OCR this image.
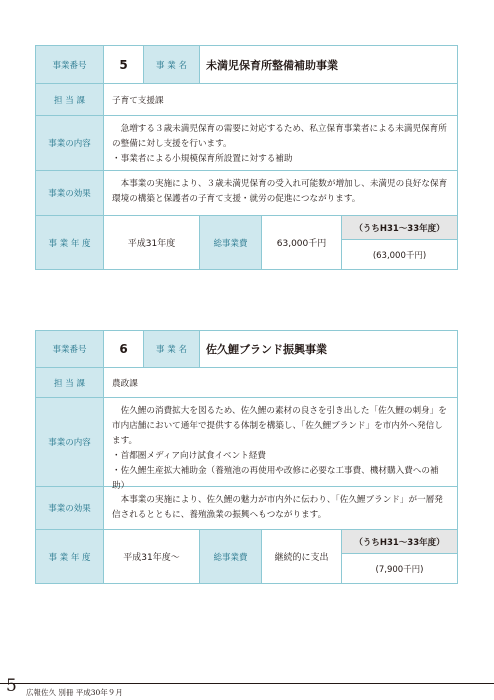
事業番号	5	事 業 名	未満児保育所整備補助事業
担 当 課	子育て支援課
事業の内容

急増する３歳未満児保育の需要に対応するため、私立保育事業者による未満児保育所の整備に対し支援を行います。

・事業者による小規模保育所設置に対する補助

事業の効果

本事業の実施により、３歳未満児保育の受入れ可能数が増加し、未満児の良好な保育環境の構築と保護者の子育て支援・就労の促進につながります。

事 業 年 度	平成31年度	総事業費	63,000千円
（うちH31～33年度）
(63,000千円)
事業番号	6	事 業 名	佐久鯉ブランド振興事業
担 当 課	農政課
事業の内容

佐久鯉の消費拡大を図るため、佐久鯉の素材の良さを引き出した「佐久鯉の刺身」を市内店舗において通年で提供する体制を構築し、「佐久鯉ブランド」を市内外へ発信します。

・首都圏メディア向け試食イベント経費

・佐久鯉生産拡大補助金（養殖池の再使用や改修に必要な工事費、機材購入費への補助）

事業の効果

本事業の実施により、佐久鯉の魅力が市内外に伝わり、「佐久鯉ブランド」が一層発信されるとともに、養殖漁業の振興へもつながります。

事 業 年 度	平成31年度～	総事業費	継続的に支出
（うちH31～33年度）
(7,900千円)
5 広報佐久 別冊 平成30年９月
